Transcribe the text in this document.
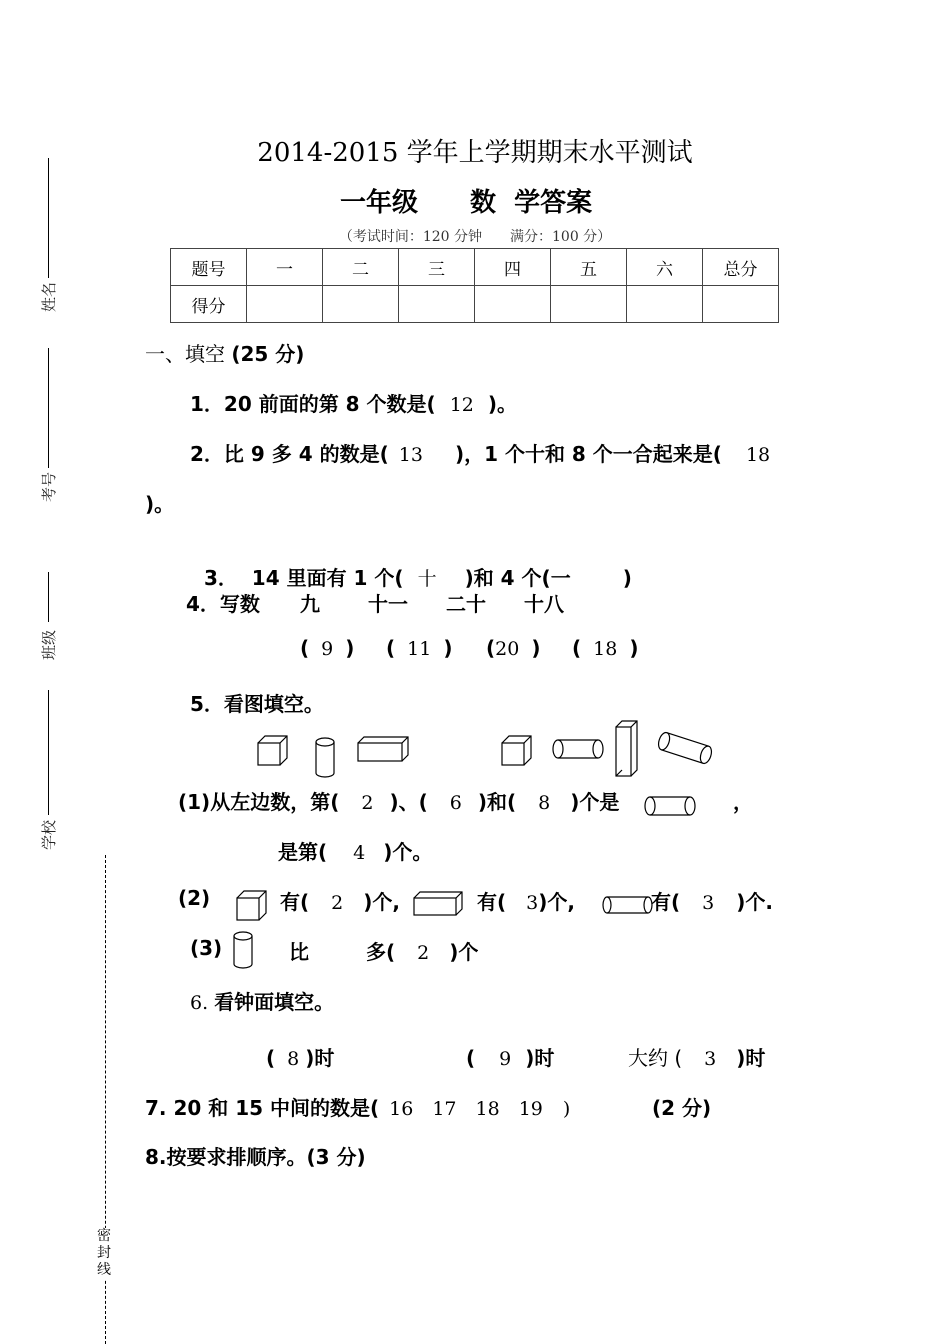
姓名
考号
班级
学校
密
封
线
2014-2015 学年上学期期末水平测试
一年级　　数  学答案
（考试时间：120 分钟　　满分：100 分）
题号	一	二	三	四	五	六	总分
得分							
一、填空 (25 分)
1．20 前面的第 8 个数是( 12 )。
2．比 9 多 4 的数是( 13 )，1 个十和 8 个一合起来是( 18
)。

3．  14 里面有 1 个( 十 )和 4 个(一	)

4．写数 九 十一 二十 十八
( 9 ) ( 11 ) (20 ) ( 18 )
5．看图填空。
(1)从左边数，第( 2 )、( 6 )和( 8 )个是	，
是第( 4 )个。
(2)	有( 2 )个,	有( 3)个,	有( 3 )个.
(3)	比	多( 2 )个
6. 看钟面填空。
( 8 )时	( 9 )时	大约 ( 3 )时
7. 20 和 15 中间的数是( 16　17　18　19 )	(2 分)
8.按要求排顺序。(3 分)
